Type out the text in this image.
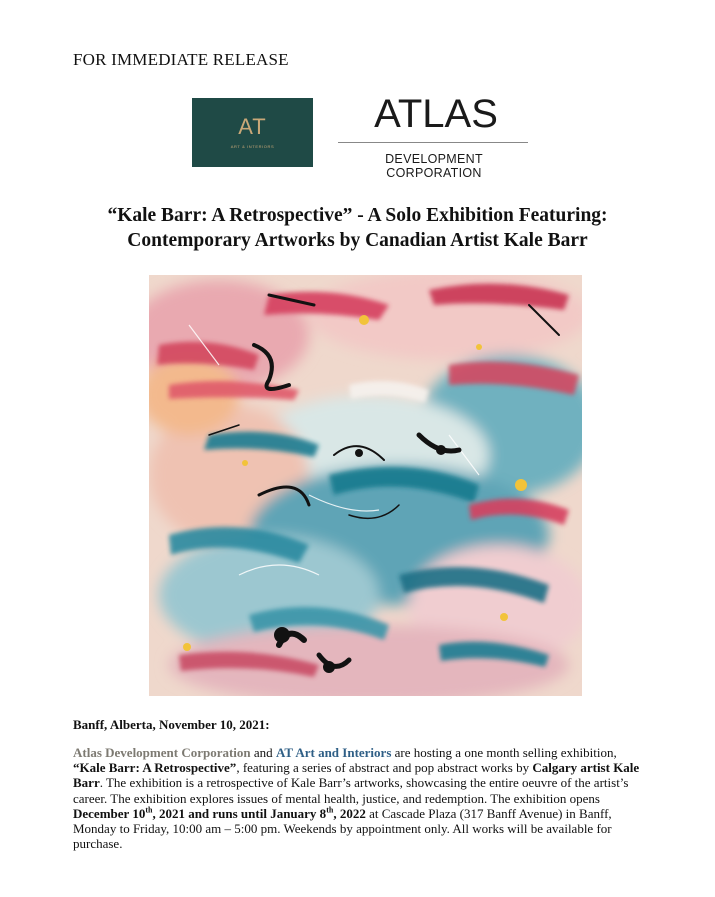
FOR IMMEDIATE RELEASE
AT
ART & INTERIORS
ATLAS
DEVELOPMENT CORPORATION
“Kale Barr: A Retrospective” - A Solo Exhibition Featuring:
Contemporary Artworks by Canadian Artist Kale Barr
Banff, Alberta, November 10, 2021:
Atlas Development Corporation and AT Art and Interiors are hosting a one month selling exhibition, “Kale Barr: A Retrospective”, featuring a series of abstract and pop abstract works by Calgary artist Kale Barr. The exhibition is a retrospective of Kale Barr’s artworks, showcasing the entire oeuvre of the artist’s career. The exhibition explores issues of mental health, justice, and redemption. The exhibition opens December 10th, 2021 and runs until January 8th, 2022 at Cascade Plaza (317 Banff Avenue) in Banff, Monday to Friday, 10:00 am – 5:00 pm. Weekends by appointment only. All works will be available for purchase.
